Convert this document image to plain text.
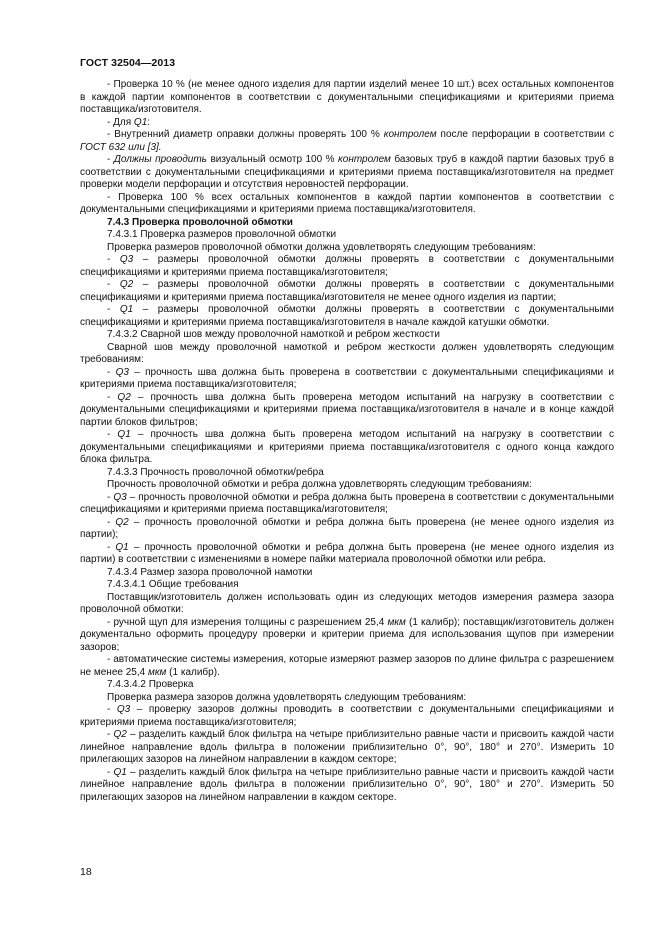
ГОСТ 32504—2013

- Проверка 10 % (не менее одного изделия для партии изделий менее 10 шт.) всех остальных компонентов в каждой партии компонентов в соответствии с документальными спецификациями и критериями приема поставщика/изготовителя.

- Для Q1:

- Внутренний диаметр оправки должны проверять 100 % контролем после перфорации в соответствии с ГОСТ 632 или [3].

- Должны проводить визуальный осмотр 100 % контролем базовых труб в каждой партии базовых труб в соответствии с документальными спецификациями и критериями приема поставщика/изготовителя на предмет проверки модели перфорации и отсутствия неровностей перфорации.

- Проверка 100 % всех остальных компонентов в каждой партии компонентов в соответствии с документальными спецификациями и критериями приема поставщика/изготовителя.

7.4.3 Проверка проволочной обмотки

7.4.3.1 Проверка размеров проволочной обмотки

Проверка размеров проволочной обмотки должна удовлетворять следующим требованиям:

- Q3 – размеры проволочной обмотки должны проверять в соответствии с документальными спецификациями и критериями приема поставщика/изготовителя;

- Q2 – размеры проволочной обмотки должны проверять в соответствии с документальными спецификациями и критериями приема поставщика/изготовителя не менее одного изделия из партии;

- Q1 – размеры проволочной обмотки должны проверять в соответствии с документальными спецификациями и критериями приема поставщика/изготовителя в начале каждой катушки обмотки.

7.4.3.2 Сварной шов между проволочной намоткой и ребром жесткости

Сварной шов между проволочной намоткой и ребром жесткости должен удовлетворять следующим требованиям:

- Q3 – прочность шва должна быть проверена в соответствии с документальными спецификациями и критериями приема поставщика/изготовителя;

- Q2 – прочность шва должна быть проверена методом испытаний на нагрузку в соответствии с документальными спецификациями и критериями приема поставщика/изготовителя в начале и в конце каждой партии блоков фильтров;

- Q1 – прочность шва должна быть проверена методом испытаний на нагрузку в соответствии с документальными спецификациями и критериями приема поставщика/изготовителя с одного конца каждого блока фильтра.

7.4.3.3 Прочность проволочной обмотки/ребра

Прочность проволочной обмотки и ребра должна удовлетворять следующим требованиям:

- Q3 – прочность проволочной обмотки и ребра должна быть проверена в соответствии с документальными спецификациями и критериями приема поставщика/изготовителя;

- Q2 – прочность проволочной обмотки и ребра должна быть проверена (не менее одного изделия из партии);

- Q1 – прочность проволочной обмотки и ребра должна быть проверена (не менее одного изделия из партии) в соответствии с изменениями в номере пайки материала проволочной обмотки или ребра.

7.4.3.4 Размер зазора проволочной намотки

7.4.3.4.1 Общие требования

Поставщик/изготовитель должен использовать один из следующих методов измерения размера зазора проволочной обмотки:

- ручной щуп для измерения толщины с разрешением 25,4 мкм (1 калибр); поставщик/изготовитель должен документально оформить процедуру проверки и критерии приема для использования щупов при измерении зазоров;

- автоматические системы измерения, которые измеряют размер зазоров по длине фильтра с разрешением не менее 25,4 мкм (1 калибр).

7.4.3.4.2 Проверка

Проверка размера зазоров должна удовлетворять следующим требованиям:

- Q3 – проверку зазоров должны проводить в соответствии с документальными спецификациями и критериями приема поставщика/изготовителя;

- Q2 – разделить каждый блок фильтра на четыре приблизительно равные части и присвоить каждой части линейное направление вдоль фильтра в положении приблизительно 0°, 90°, 180° и 270°. Измерить 10 прилегающих зазоров на линейном направлении в каждом секторе;

- Q1 – разделить каждый блок фильтра на четыре приблизительно равные части и присвоить каждой части линейное направление вдоль фильтра в положении приблизительно 0°, 90°, 180° и 270°. Измерить 50 прилегающих зазоров на линейном направлении в каждом секторе.

18
